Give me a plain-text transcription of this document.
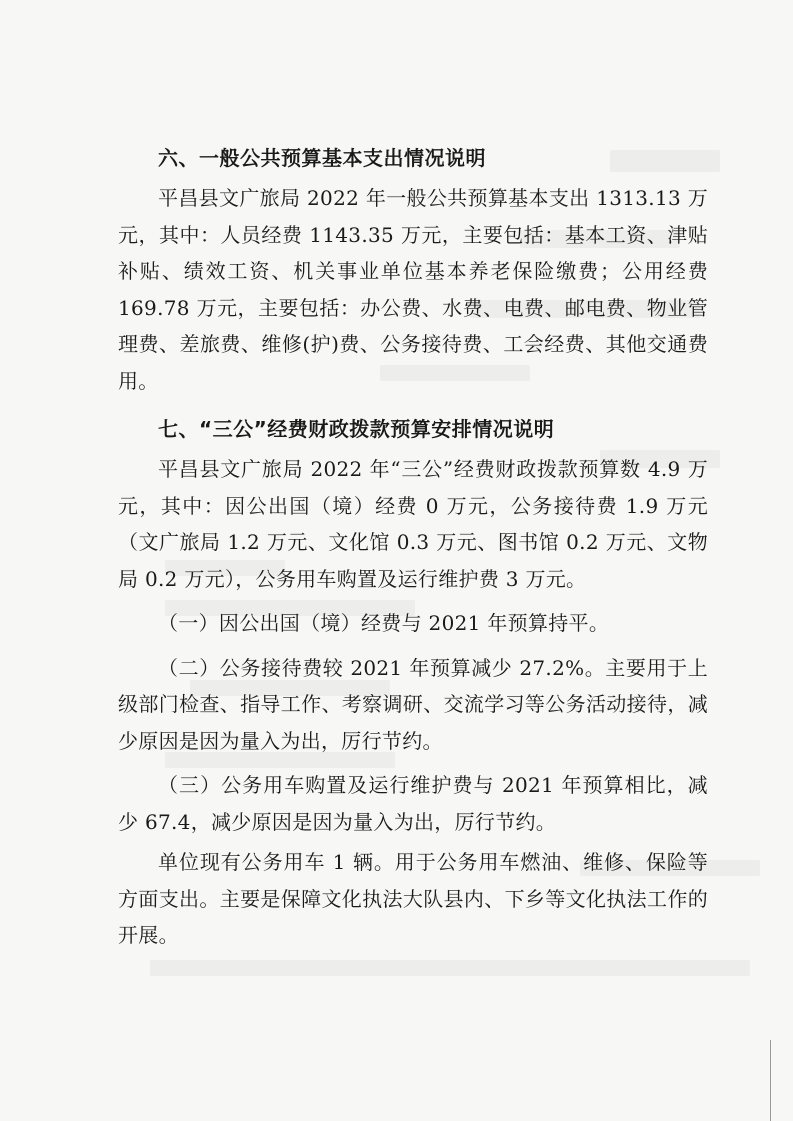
六、一般公共预算基本支出情况说明

平昌县文广旅局 2022 年一般公共预算基本支出 1313.13 万元，其中：人员经费 1143.35 万元，主要包括：基本工资、津贴补贴、绩效工资、机关事业单位基本养老保险缴费；公用经费 169.78 万元，主要包括：办公费、水费、电费、邮电费、物业管理费、差旅费、维修(护)费、公务接待费、工会经费、其他交通费用。

七、“三公”经费财政拨款预算安排情况说明

平昌县文广旅局 2022 年“三公”经费财政拨款预算数 4.9 万元，其中：因公出国（境）经费 0 万元，公务接待费 1.9 万元（文广旅局 1.2 万元、文化馆 0.3 万元、图书馆 0.2 万元、文物局 0.2 万元），公务用车购置及运行维护费 3 万元。

（一）因公出国（境）经费与 2021 年预算持平。

（二）公务接待费较 2021 年预算减少 27.2%。主要用于上级部门检查、指导工作、考察调研、交流学习等公务活动接待，减少原因是因为量入为出，厉行节约。

（三）公务用车购置及运行维护费与 2021 年预算相比，减少 67.4，减少原因是因为量入为出，厉行节约。

单位现有公务用车 1 辆。用于公务用车燃油、维修、保险等方面支出。主要是保障文化执法大队县内、下乡等文化执法工作的开展。
